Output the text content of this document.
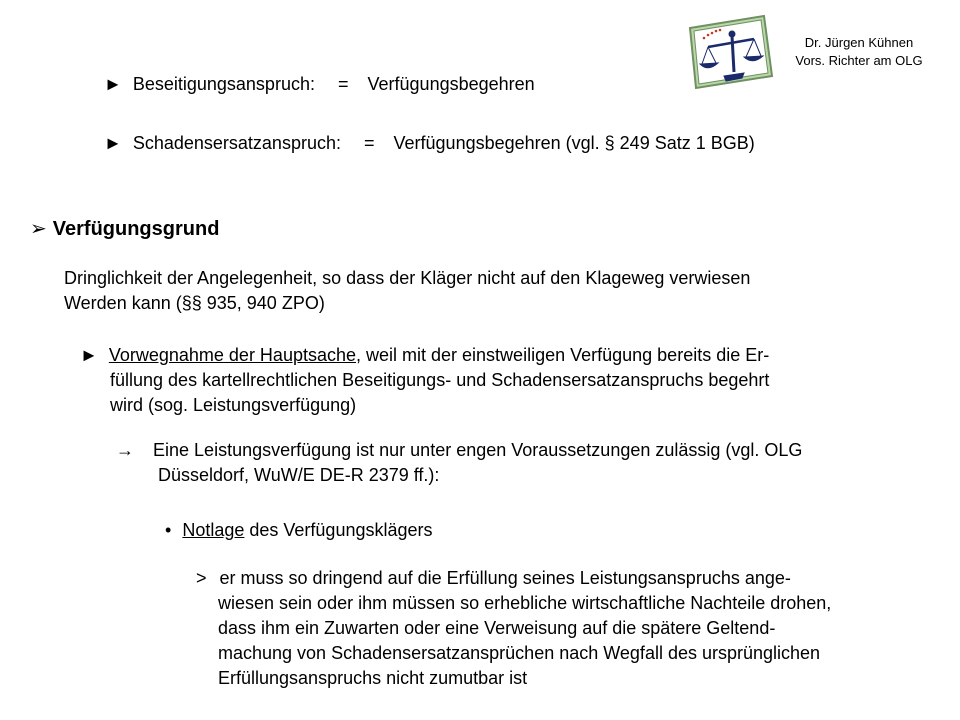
Dr. Jürgen Kühnen
Vors. Richter am OLG
► Beseitigungsanspruch: = Verfügungsbegehren
► Schadensersatzanspruch: = Verfügungsbegehren (vgl. § 249 Satz 1 BGB)
➢ Verfügungsgrund
Dringlichkeit der Angelegenheit, so dass der Kläger nicht auf den Klageweg verwiesen
Werden kann (§§ 935, 940 ZPO)
► Vorwegnahme der Hauptsache, weil mit der einstweiligen Verfügung bereits die Er-
füllung des kartellrechtlichen Beseitigungs- und Schadensersatzanspruchs begehrt
wird (sog. Leistungsverfügung)
→ Eine Leistungsverfügung ist nur unter engen Voraussetzungen zulässig (vgl. OLG
Düsseldorf, WuW/E DE-R 2379 ff.):
• Notlage des Verfügungsklägers
> er muss so dringend auf die Erfüllung seines Leistungsanspruchs ange-
wiesen sein oder ihm müssen so erhebliche wirtschaftliche Nachteile drohen,
dass ihm ein Zuwarten oder eine Verweisung auf die spätere Geltend-
machung von Schadensersatzansprüchen nach Wegfall des ursprünglichen
Erfüllungsanspruchs nicht zumutbar ist
